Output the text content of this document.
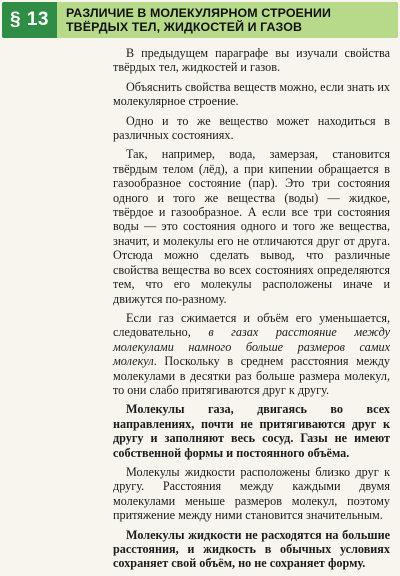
§ 13	РАЗЛИЧИЕ В МОЛЕКУЛЯРНОМ СТРОЕНИИ
ТВЁРДЫХ ТЕЛ, ЖИДКОСТЕЙ И ГАЗОВ

В предыдущем параграфе вы изучали свойства твёрдых тел, жидкостей и газов.

Объяснить свойства веществ можно, если знать их молекулярное строение.

Одно и то же вещество может находиться в различных состояниях.

Так, например, вода, замерзая, становится твёрдым телом (лёд), а при кипении обращается в газообразное состояние (пар). Это три состояния одного и того же вещества (воды) — жидкое, твёрдое и газообразное. А если все три состояния воды — это состояния одного и того же вещества, значит, и молекулы его не отличаются друг от друга. Отсюда можно сделать вывод, что различные свойства вещества во всех состояниях определяются тем, что его молекулы расположены иначе и движутся по-разному.

Если газ сжимается и объём его уменьшается, следовательно, в газах расстояние между молекулами намного больше размеров самих молекул. Поскольку в среднем расстояния между молекулами в десятки раз больше размера молекул, то они слабо притягиваются друг к другу.

Молекулы газа, двигаясь во всех направлениях, почти не притягиваются друг к другу и заполняют весь сосуд. Газы не имеют собственной формы и постоянного объёма.

Молекулы жидкости расположены близко друг к другу. Расстояния между каждыми двумя молекулами меньше размеров молекул, поэтому притяжение между ними становится значительным.

Молекулы жидкости не расходятся на большие расстояния, и жидкость в обычных условиях сохраняет свой объём, но не сохраняет форму.
